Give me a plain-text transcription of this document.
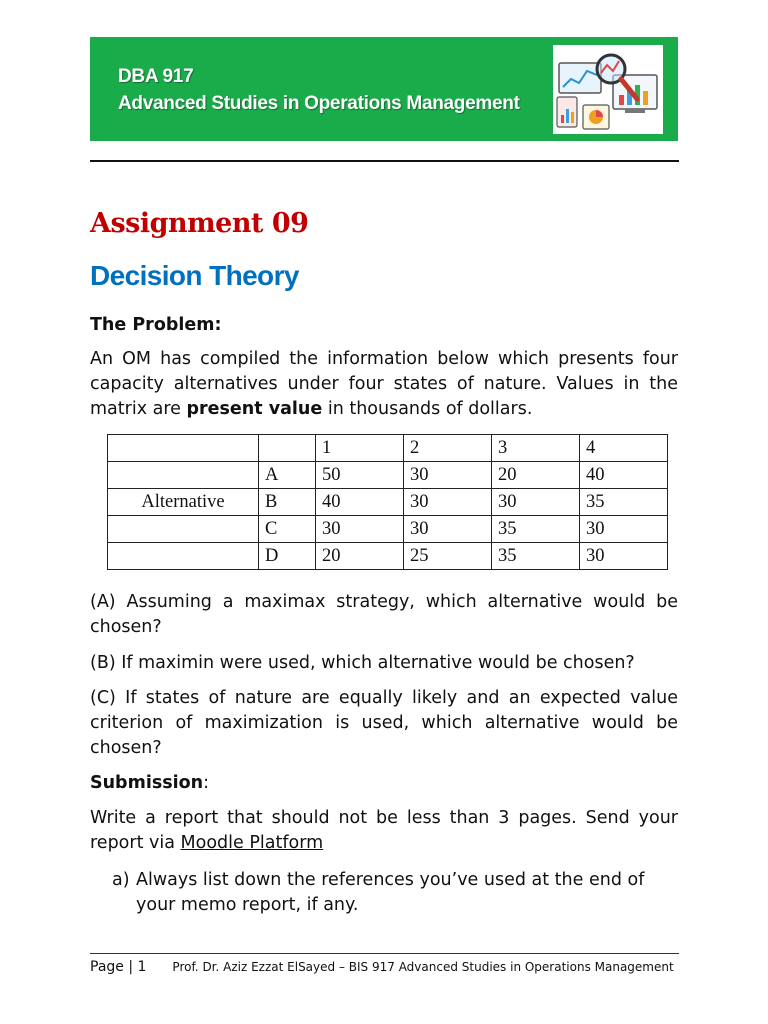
DBA 917
Advanced Studies in Operations Management
Assignment 09
Decision Theory
The Problem:
An OM has compiled the information below which presents four capacity alternatives under four states of nature. Values in the matrix are present value in thousands of dollars.
		1	2	3	4
	A	50	30	20	40
Alternative	B	40	30	30	35
	C	30	30	35	30
	D	20	25	35	30
(A) Assuming a maximax strategy, which alternative would be chosen?
(B) If maximin were used, which alternative would be chosen?
(C) If states of nature are equally likely and an expected value criterion of maximization is used, which alternative would be chosen?
Submission:
Write a report that should not be less than 3 pages. Send your report via Moodle Platform
a) Always list down the references you’ve used at the end of your memo report, if any.
Page | 1 Prof. Dr. Aziz Ezzat ElSayed – BIS 917 Advanced Studies in Operations Management
